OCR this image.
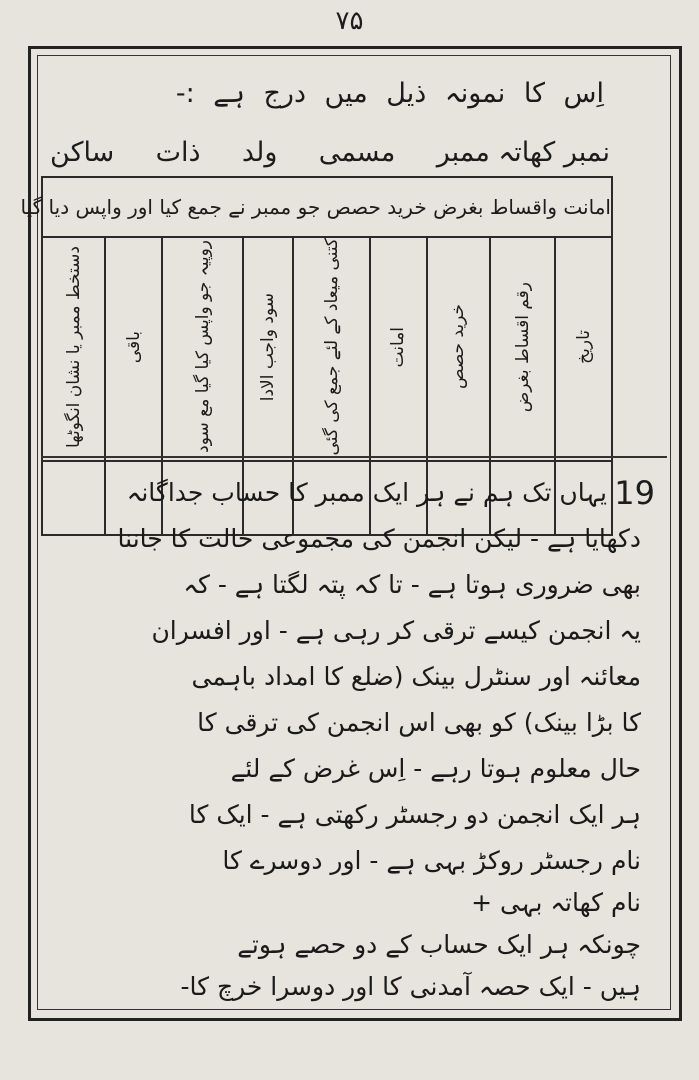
۷۵
اِس کا نمونہ ذیل میں درج ہے :-
نمبر کھاتہ ممبر
مسمی
ولد
ذات
ساکن
امانت واقساط بغرض خرید حصص جو ممبر نے جمع کیا اور واپس دیا گیا								
تاریخ	رقم اقساط بغرض	خرید حصص	امانت	کتنی میعاد کے لئے جمع کی گئی	سود واجب الادا	روپیہ جو واپس کیا گیا مع سود	باقی	دستخط ممبر یا نشان انگوٹھا

19
یہاں تک ہم نے ہر ایک ممبر کا حساب جداگانہ
دکھایا ہے - لیکن انجمن کی مجموعی حالت کا جاننا
بھی ضروری ہوتا ہے - تا کہ پتہ لگتا ہے - کہ
یہ انجمن کیسے ترقی کر رہی ہے - اور افسران
معائنہ اور سنٹرل بینک (ضلع کا امداد باہمی
کا بڑا بینک) کو بھی اس انجمن کی ترقی کا
حال معلوم ہوتا رہے - اِس غرض کے لئے
ہر ایک انجمن دو رجسٹر رکھتی ہے - ایک کا
نام رجسٹر روکڑ بہی ہے - اور دوسرے کا
نام کھاتہ بہی +
چونکہ ہر ایک حساب کے دو حصے ہوتے
ہیں - ایک حصہ آمدنی کا اور دوسرا خرچ کا-
